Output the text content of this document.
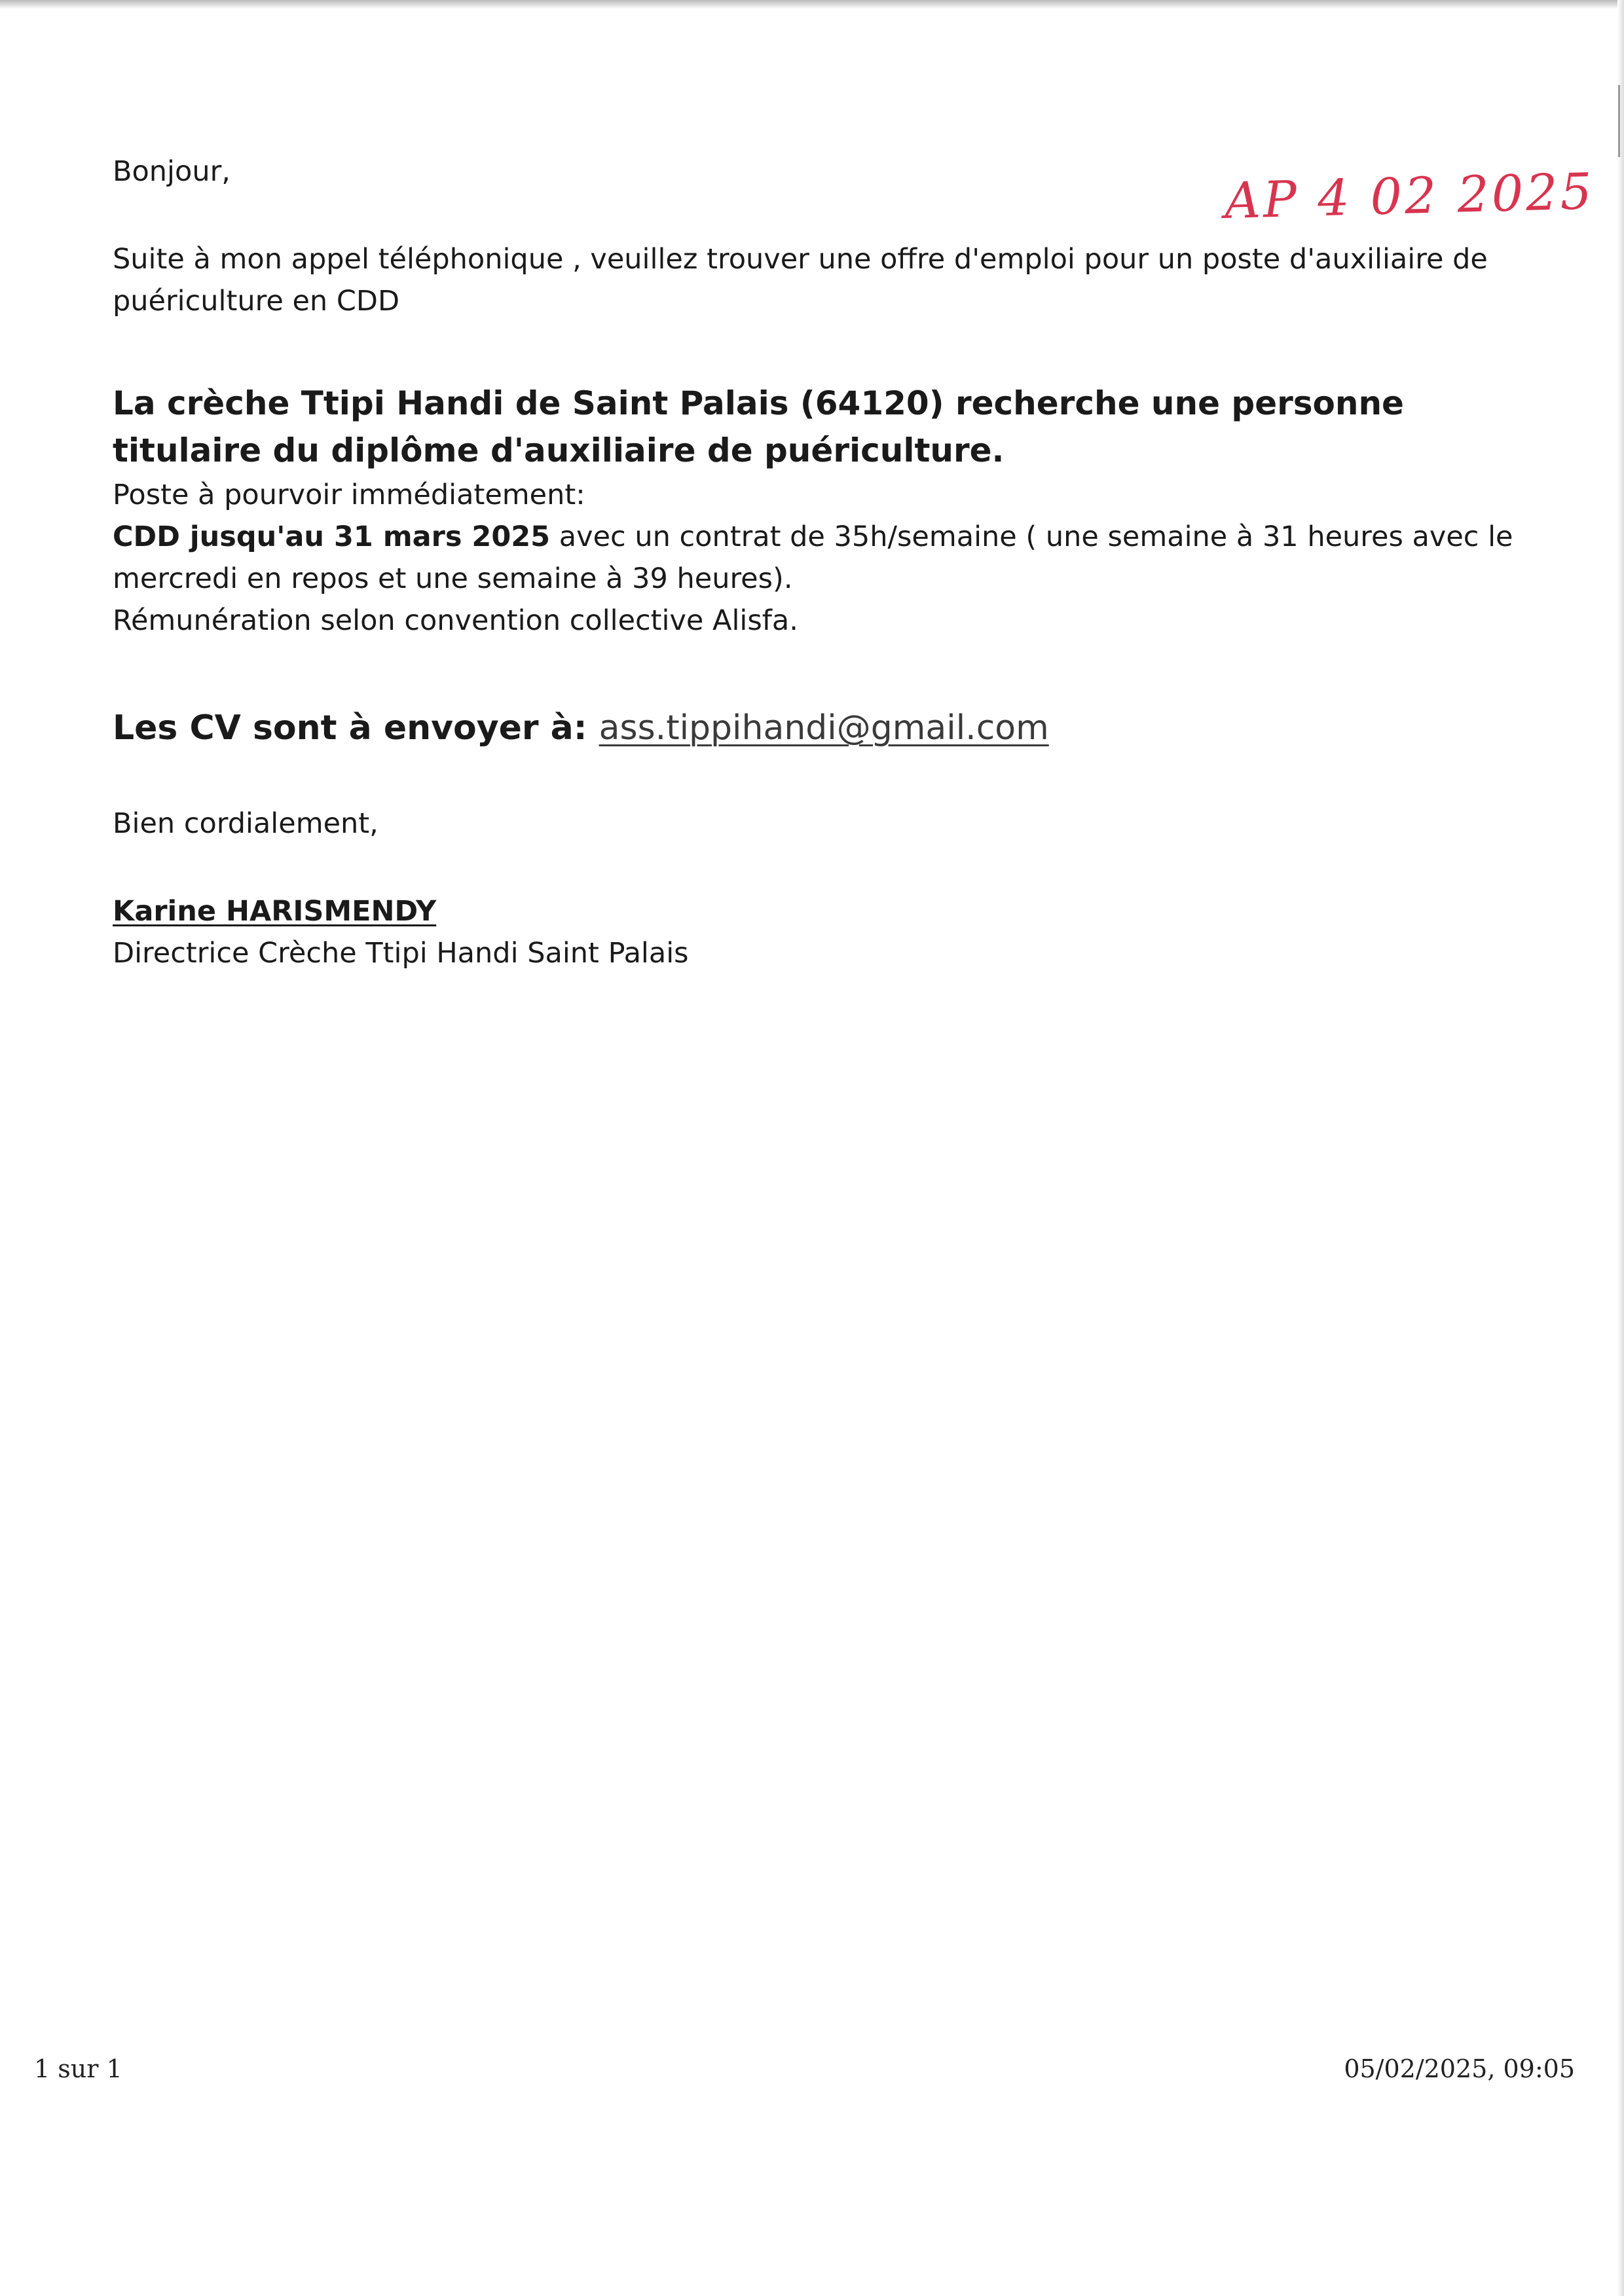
AP 4 02 2025

Bonjour,

Suite à mon appel téléphonique , veuillez trouver une offre d'emploi pour un poste d'auxiliaire de puériculture en CDD

La crèche Ttipi Handi de Saint Palais (64120) recherche une personne titulaire du diplôme d'auxiliaire de puériculture.

Poste à pourvoir immédiatement:

CDD jusqu'au 31 mars 2025 avec un contrat de 35h/semaine ( une semaine à 31 heures avec le mercredi en repos et une semaine à 39 heures).

Rémunération selon convention collective Alisfa.

Les CV sont à envoyer à: ass.tippihandi@gmail.com

Bien cordialement,

Karine HARISMENDY

Directrice Crèche Ttipi Handi Saint Palais

1 sur 1	05/02/2025, 09:05
